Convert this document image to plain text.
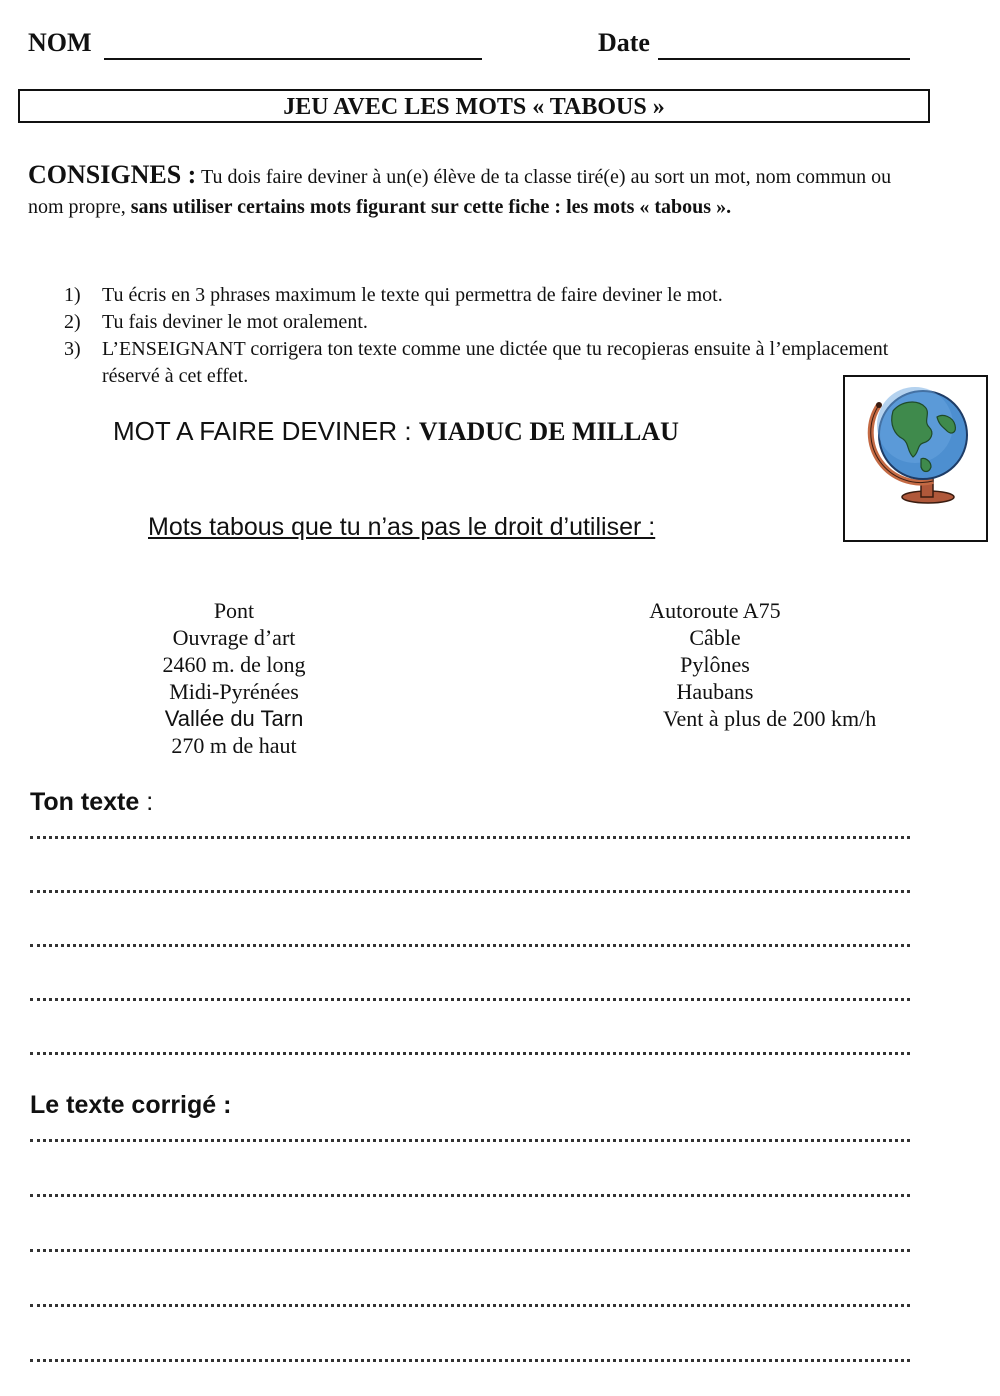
NOM	Date
JEU AVEC LES MOTS « TABOUS »
CONSIGNES : Tu dois faire deviner à un(e) élève de ta classe tiré(e) au sort un mot, nom commun ou nom propre, sans utiliser certains mots figurant sur cette fiche : les mots « tabous ».
1) Tu écris en 3 phrases maximum le texte qui permettra de faire deviner le mot.
2) Tu fais deviner le mot oralement.
3) L’ENSEIGNANT corrigera ton texte comme une dictée que tu recopieras ensuite à l’emplacement réservé à cet effet.
MOT A FAIRE DEVINER : VIADUC DE MILLAU
Mots tabous que tu n’as pas le droit d’utiliser :
Pont
Ouvrage d’art
2460 m. de long
Midi-Pyrénées
Vallée du Tarn
270 m de haut
Autoroute A75
Câble
Pylônes
Haubans
Vent à plus de 200 km/h
Ton texte :
Le texte corrigé :
